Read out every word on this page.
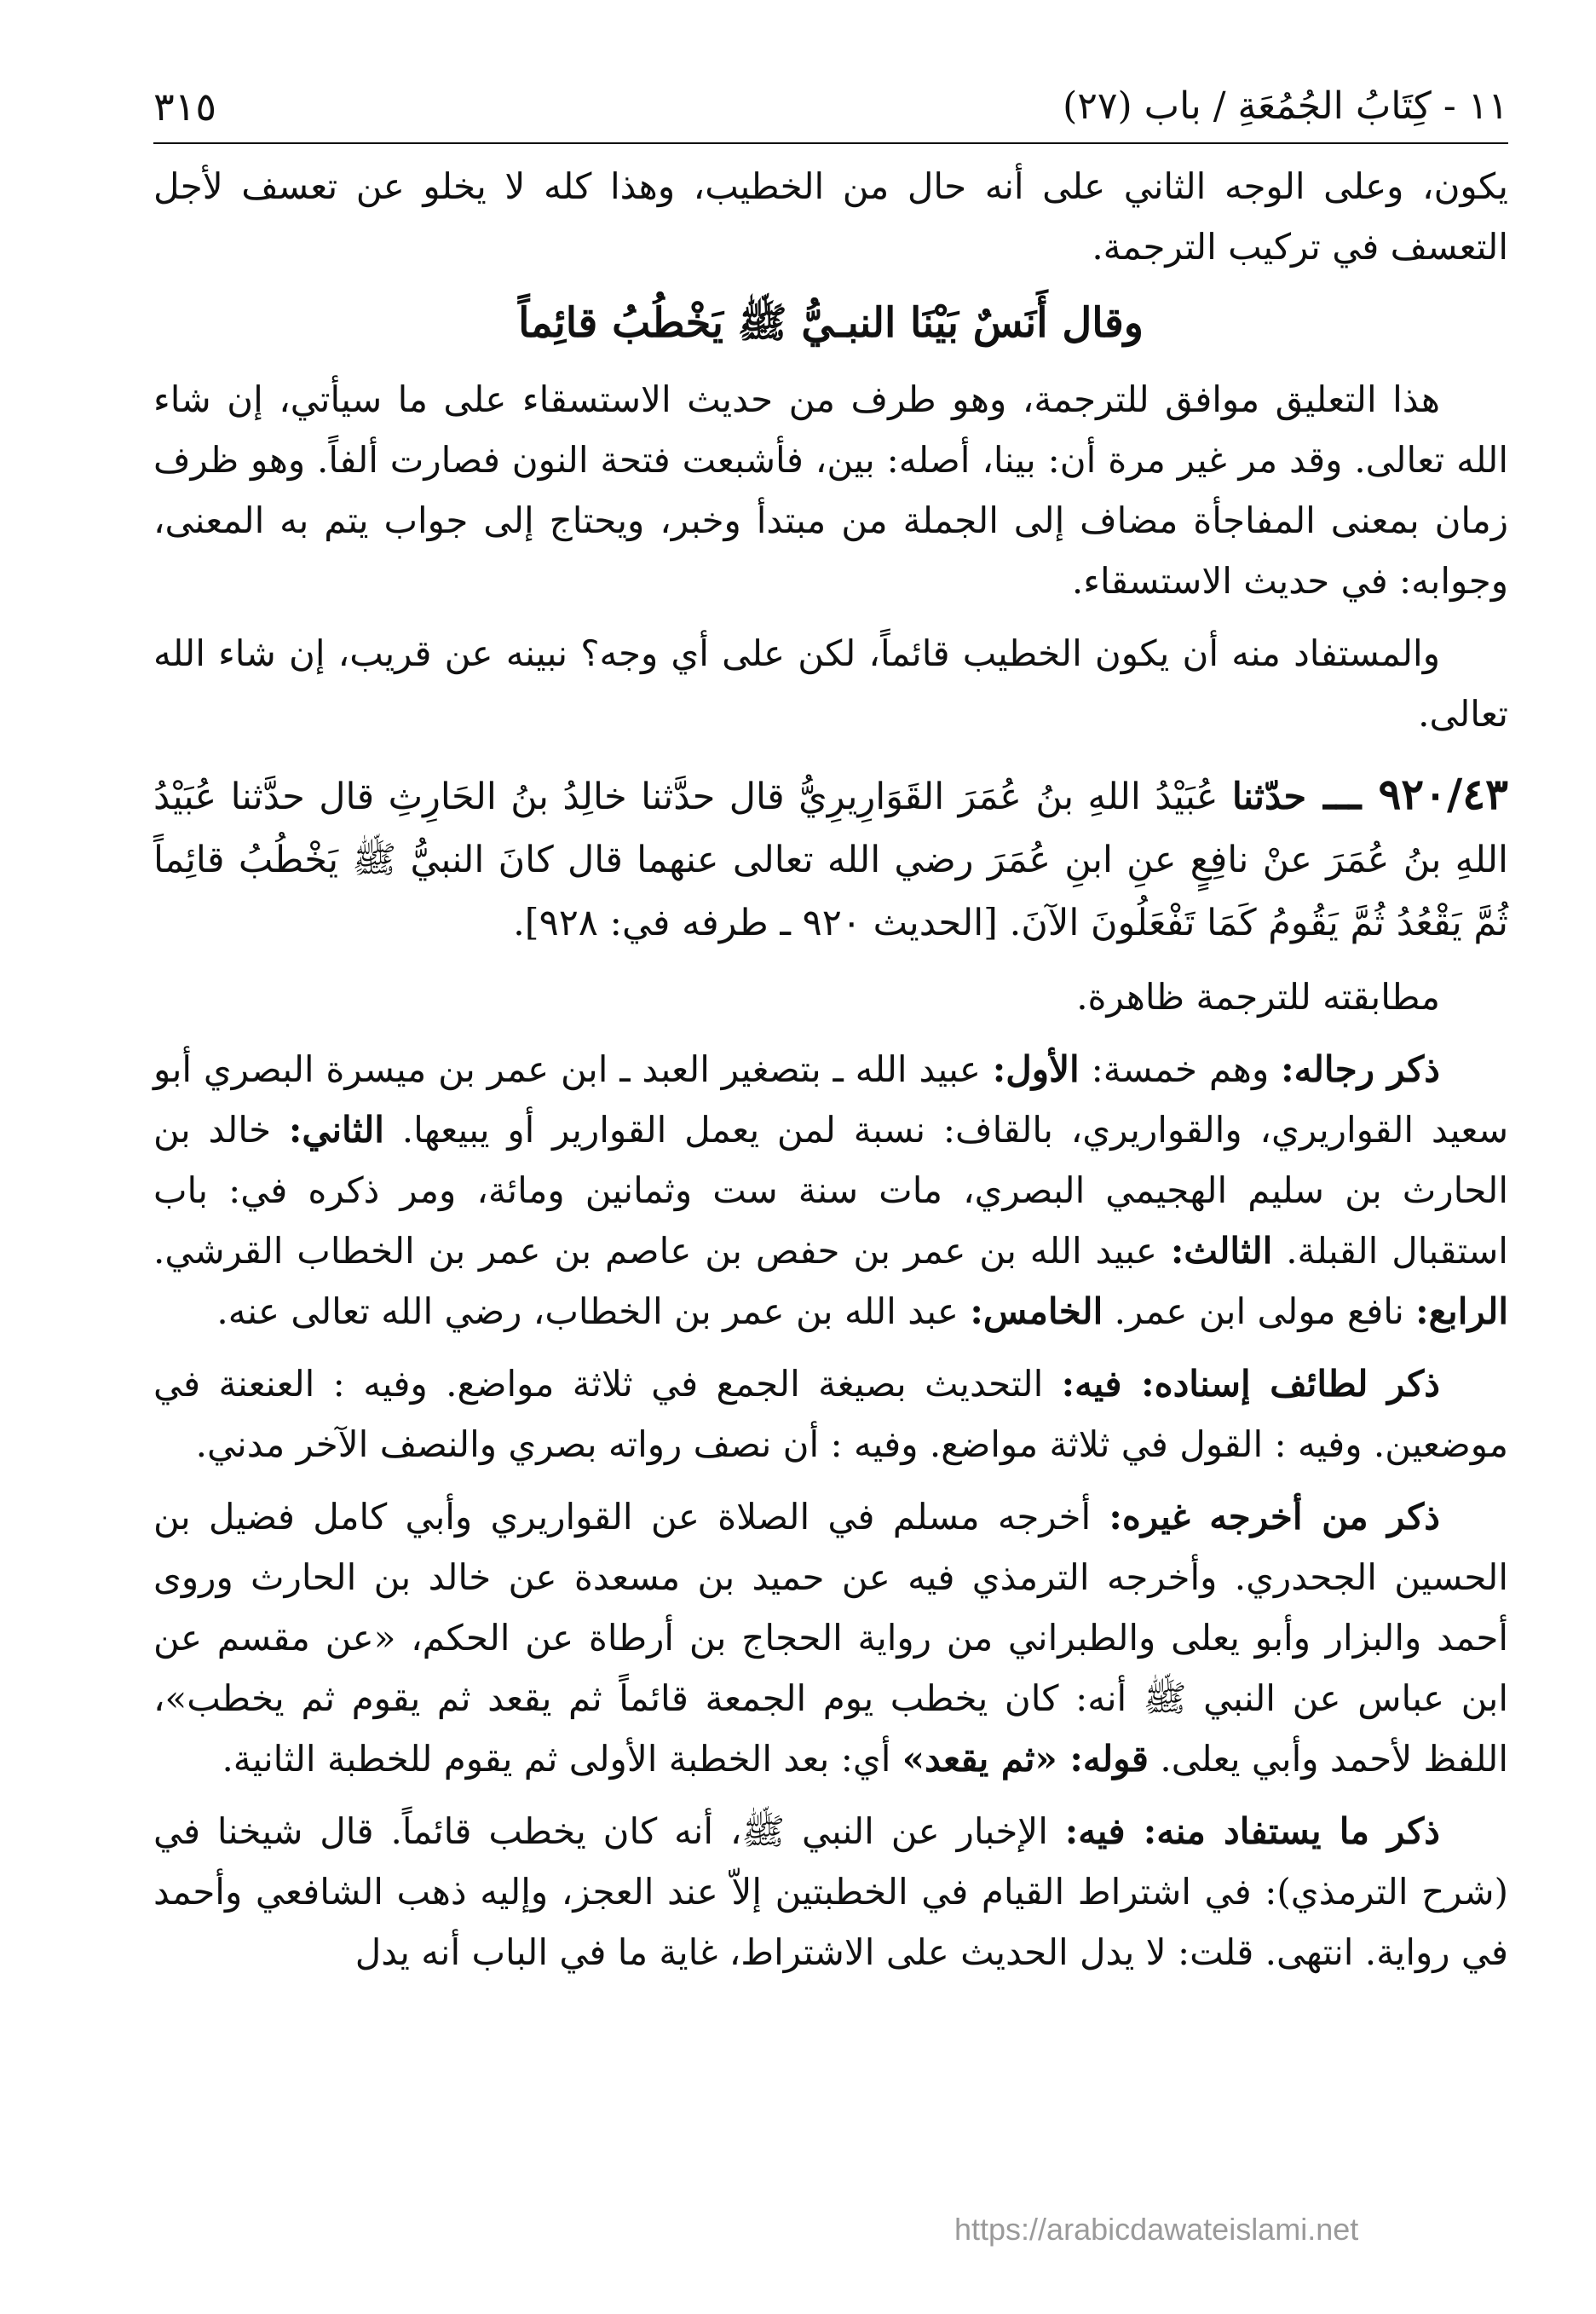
١١ - كِتَابُ الجُمُعَةِ / باب (٢٧)
٣١٥

يكون، وعلى الوجه الثاني على أنه حال من الخطيب، وهذا كله لا يخلو عن تعسف لأجل التعسف في تركيب الترجمة.

وقال أَنَسٌ بَيْنَا النبـيُّ ﷺ يَخْطُبُ قائِماً

هذا التعليق موافق للترجمة، وهو طرف من حديث الاستسقاء على ما سيأتي، إن شاء الله تعالى. وقد مر غير مرة أن: بينا، أصله: بين، فأشبعت فتحة النون فصارت ألفاً. وهو ظرف زمان بمعنى المفاجأة مضاف إلى الجملة من مبتدأ وخبر، ويحتاج إلى جواب يتم به المعنى، وجوابه: في حديث الاستسقاء.

والمستفاد منه أن يكون الخطيب قائماً، لكن على أي وجه؟ نبينه عن قريب، إن شاء الله تعالى.

٩٢٠/٤٣ ـــ حدّثنا عُبَيْدُ اللهِ بنُ عُمَرَ القَوَارِيرِيُّ قال حدَّثنا خالِدُ بنُ الحَارِثِ قال حدَّثنا عُبَيْدُ اللهِ بنُ عُمَرَ عنْ نافِعٍ عنِ ابنِ عُمَرَ رضي الله تعالى عنهما قال كانَ النبيُّ ﷺ يَخْطُبُ قائِماً ثُمَّ يَقْعُدُ ثُمَّ يَقُومُ كَمَا تَفْعَلُونَ الآنَ. [الحديث ٩٢٠ ـ طرفه في: ٩٢٨].

مطابقته للترجمة ظاهرة.

ذكر رجاله: وهم خمسة: الأول: عبيد الله ـ بتصغير العبد ـ ابن عمر بن ميسرة البصري أبو سعيد القواريري، والقواريري، بالقاف: نسبة لمن يعمل القوارير أو يبيعها. الثاني: خالد بن الحارث بن سليم الهجيمي البصري، مات سنة ست وثمانين ومائة، ومر ذكره في: باب استقبال القبلة. الثالث: عبيد الله بن عمر بن حفص بن عاصم بن عمر بن الخطاب القرشي. الرابع: نافع مولى ابن عمر. الخامس: عبد الله بن عمر بن الخطاب، رضي الله تعالى عنه.

ذكر لطائف إسناده: فيه: التحديث بصيغة الجمع في ثلاثة مواضع. وفيه : العنعنة في موضعين. وفيه : القول في ثلاثة مواضع. وفيه : أن نصف رواته بصري والنصف الآخر مدني.

ذكر من أخرجه غيره: أخرجه مسلم في الصلاة عن القواريري وأبي كامل فضيل بن الحسين الجحدري. وأخرجه الترمذي فيه عن حميد بن مسعدة عن خالد بن الحارث وروى أحمد والبزار وأبو يعلى والطبراني من رواية الحجاج بن أرطاة عن الحكم، «عن مقسم عن ابن عباس عن النبي ﷺ أنه: كان يخطب يوم الجمعة قائماً ثم يقعد ثم يقوم ثم يخطب»، اللفظ لأحمد وأبي يعلى. قوله: «ثم يقعد» أي: بعد الخطبة الأولى ثم يقوم للخطبة الثانية.

ذكر ما يستفاد منه: فيه: الإخبار عن النبي ﷺ، أنه كان يخطب قائماً. قال شيخنا في (شرح الترمذي): في اشتراط القيام في الخطبتين إلاّ عند العجز، وإليه ذهب الشافعي وأحمد في رواية. انتهى. قلت: لا يدل الحديث على الاشتراط، غاية ما في الباب أنه يدل

https://arabicdawateislami.net
